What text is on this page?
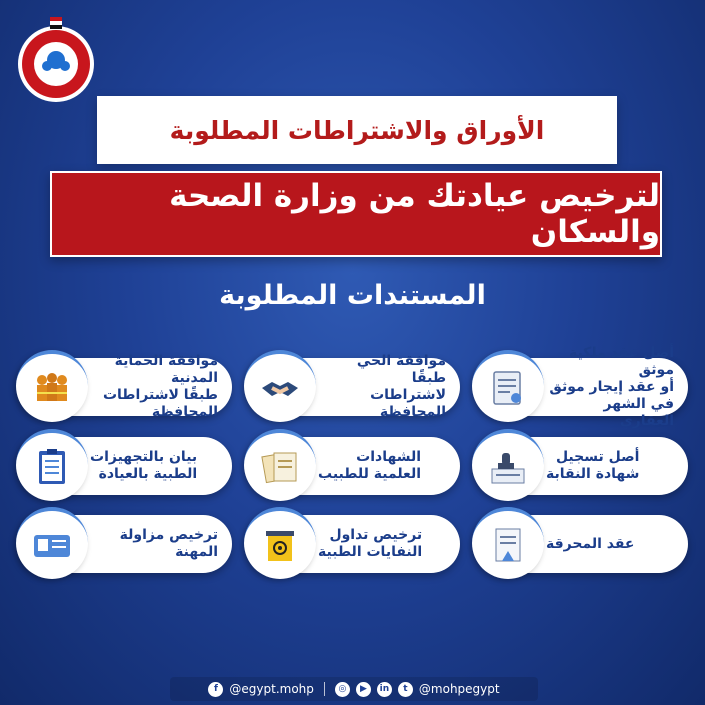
الأوراق والاشتراطات المطلوبة
لترخيص عيادتك من وزارة الصحة والسكان
المستندات المطلوبة
أصل عقد ملكية موثق
أو عقد إيجار موثق
في الشهر العقاري
موافقة الحي طبقًا
لاشتراطات المحافظة
موافقة الحماية المدنية
طبقًا لاشتراطات
المحافظة
أصل تسجيل
شهادة النقابة
الشهادات
العلمية للطبيب
بيان بالتجهيزات
الطبية بالعيادة
عقد المحرقة
ترخيص تداول
النفايات الطبية
ترخيص مزاولة المهنة
f @egypt.mohp	◎	▶	in	t @mohpegypt
